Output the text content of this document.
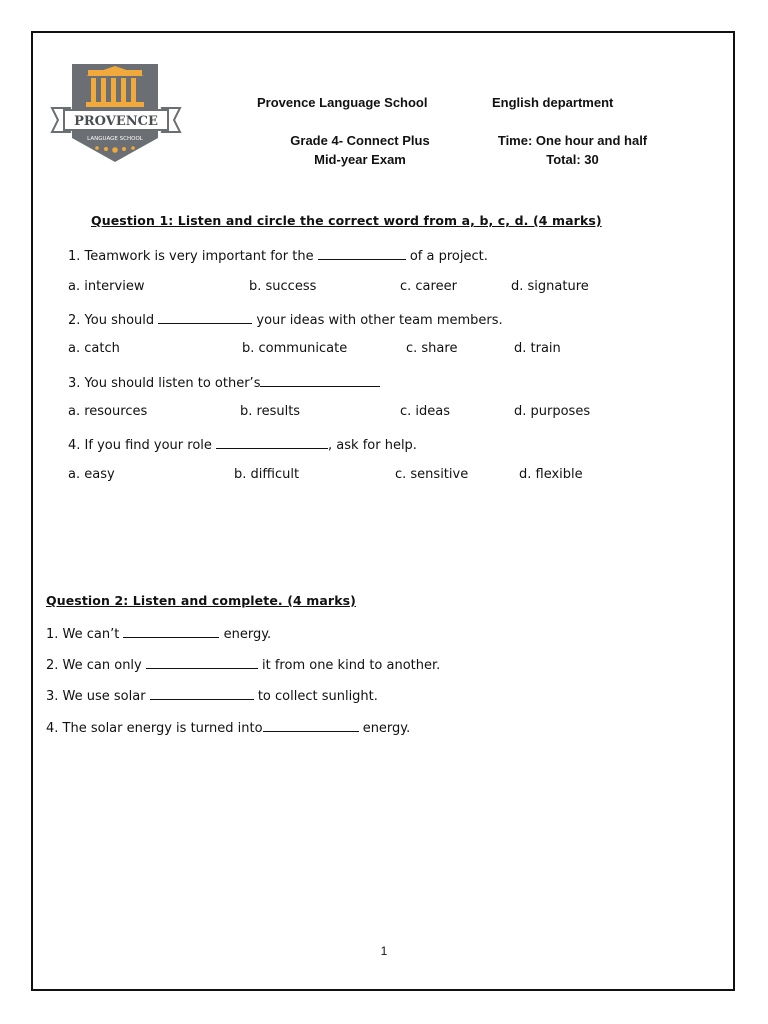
PROVENCE
LANGUAGE SCHOOL
Provence Language School	English department
Grade 4- Connect Plus
Mid-year Exam
Time: One hour and half
Total: 30
Question 1: Listen and circle the correct word from a, b, c, d. (4 marks)
1. Teamwork is very important for the	of a project.
a. interview	b. success	c. career	d. signature
2. You should	your ideas with other team members.
a. catch	b. communicate	c. share	d. train
3. You should listen to other’s
a. resources	b. results	c. ideas	d. purposes
4. If you find your role	, ask for help.
a. easy	b. difficult	c. sensitive	d. flexible
Question 2: Listen and complete. (4 marks)
1. We can’t	energy.
2. We can only	it from one kind to another.
3. We use solar	to collect sunlight.
4. The solar energy is turned into	energy.
1
